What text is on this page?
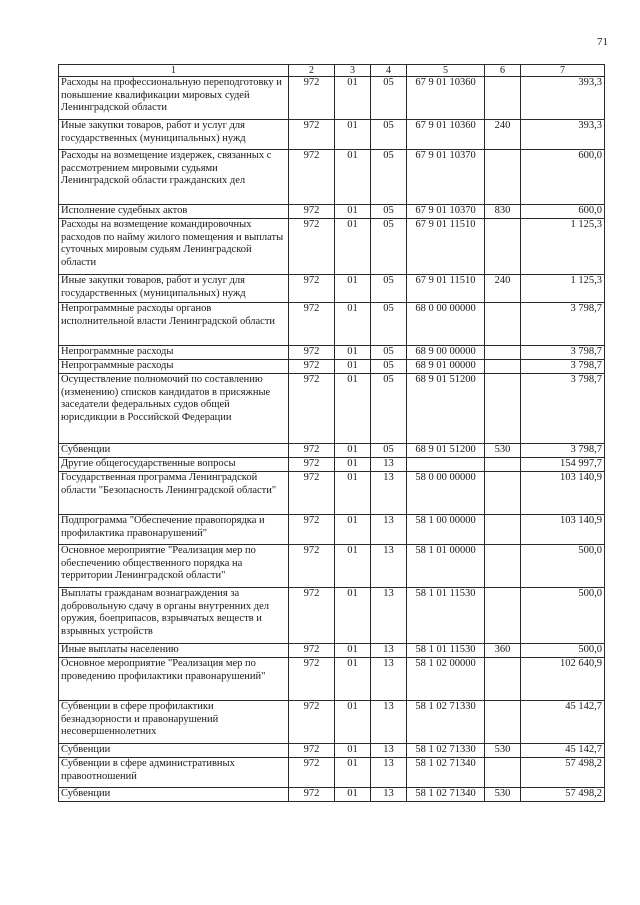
71
1	2	3	4	5	6	7
Расходы на профессиональную переподготовку и повышение квалификации мировых судей Ленинградской области	972	01	05	67 9 01 10360		393,3
Иные закупки товаров, работ и услуг для государственных (муниципальных) нужд	972	01	05	67 9 01 10360	240	393,3
Расходы на возмещение издержек, связанных с рассмотрением мировыми судьями Ленинградской области гражданских дел	972	01	05	67 9 01 10370		600,0
Исполнение судебных актов	972	01	05	67 9 01 10370	830	600,0
Расходы на возмещение командировочных расходов по найму жилого помещения и выплаты суточных мировым судьям Ленинградской области	972	01	05	67 9 01 11510		1 125,3
Иные закупки товаров, работ и услуг для государственных (муниципальных) нужд	972	01	05	67 9 01 11510	240	1 125,3
Непрограммные расходы органов исполнительной власти Ленинградской области	972	01	05	68 0 00 00000		3 798,7
Непрограммные расходы	972	01	05	68 9 00 00000		3 798,7
Непрограммные расходы	972	01	05	68 9 01 00000		3 798,7
Осуществление полномочий по составлению (изменению) списков кандидатов в присяжные заседатели федеральных судов общей юрисдикции в Российской Федерации	972	01	05	68 9 01 51200		3 798,7
Субвенции	972	01	05	68 9 01 51200	530	3 798,7
Другие общегосударственные вопросы	972	01	13			154 997,7
Государственная программа Ленинградской области "Безопасность Ленинградской области"	972	01	13	58 0 00 00000		103 140,9
Подпрограмма "Обеспечение правопорядка и профилактика правонарушений"	972	01	13	58 1 00 00000		103 140,9
Основное мероприятие "Реализация мер по обеспечению общественного порядка на территории Ленинградской области"	972	01	13	58 1 01 00000		500,0
Выплаты гражданам вознаграждения за добровольную сдачу в органы внутренних дел оружия, боеприпасов, взрывчатых веществ и взрывных устройств	972	01	13	58 1 01 11530		500,0
Иные выплаты населению	972	01	13	58 1 01 11530	360	500,0
Основное мероприятие "Реализация мер по проведению профилактики правонарушений"	972	01	13	58 1 02 00000		102 640,9
Субвенции в сфере профилактики безнадзорности и правонарушений несовершеннолетних	972	01	13	58 1 02 71330		45 142,7
Субвенции	972	01	13	58 1 02 71330	530	45 142,7
Субвенции в сфере административных правоотношений	972	01	13	58 1 02 71340		57 498,2
Субвенции	972	01	13	58 1 02 71340	530	57 498,2
